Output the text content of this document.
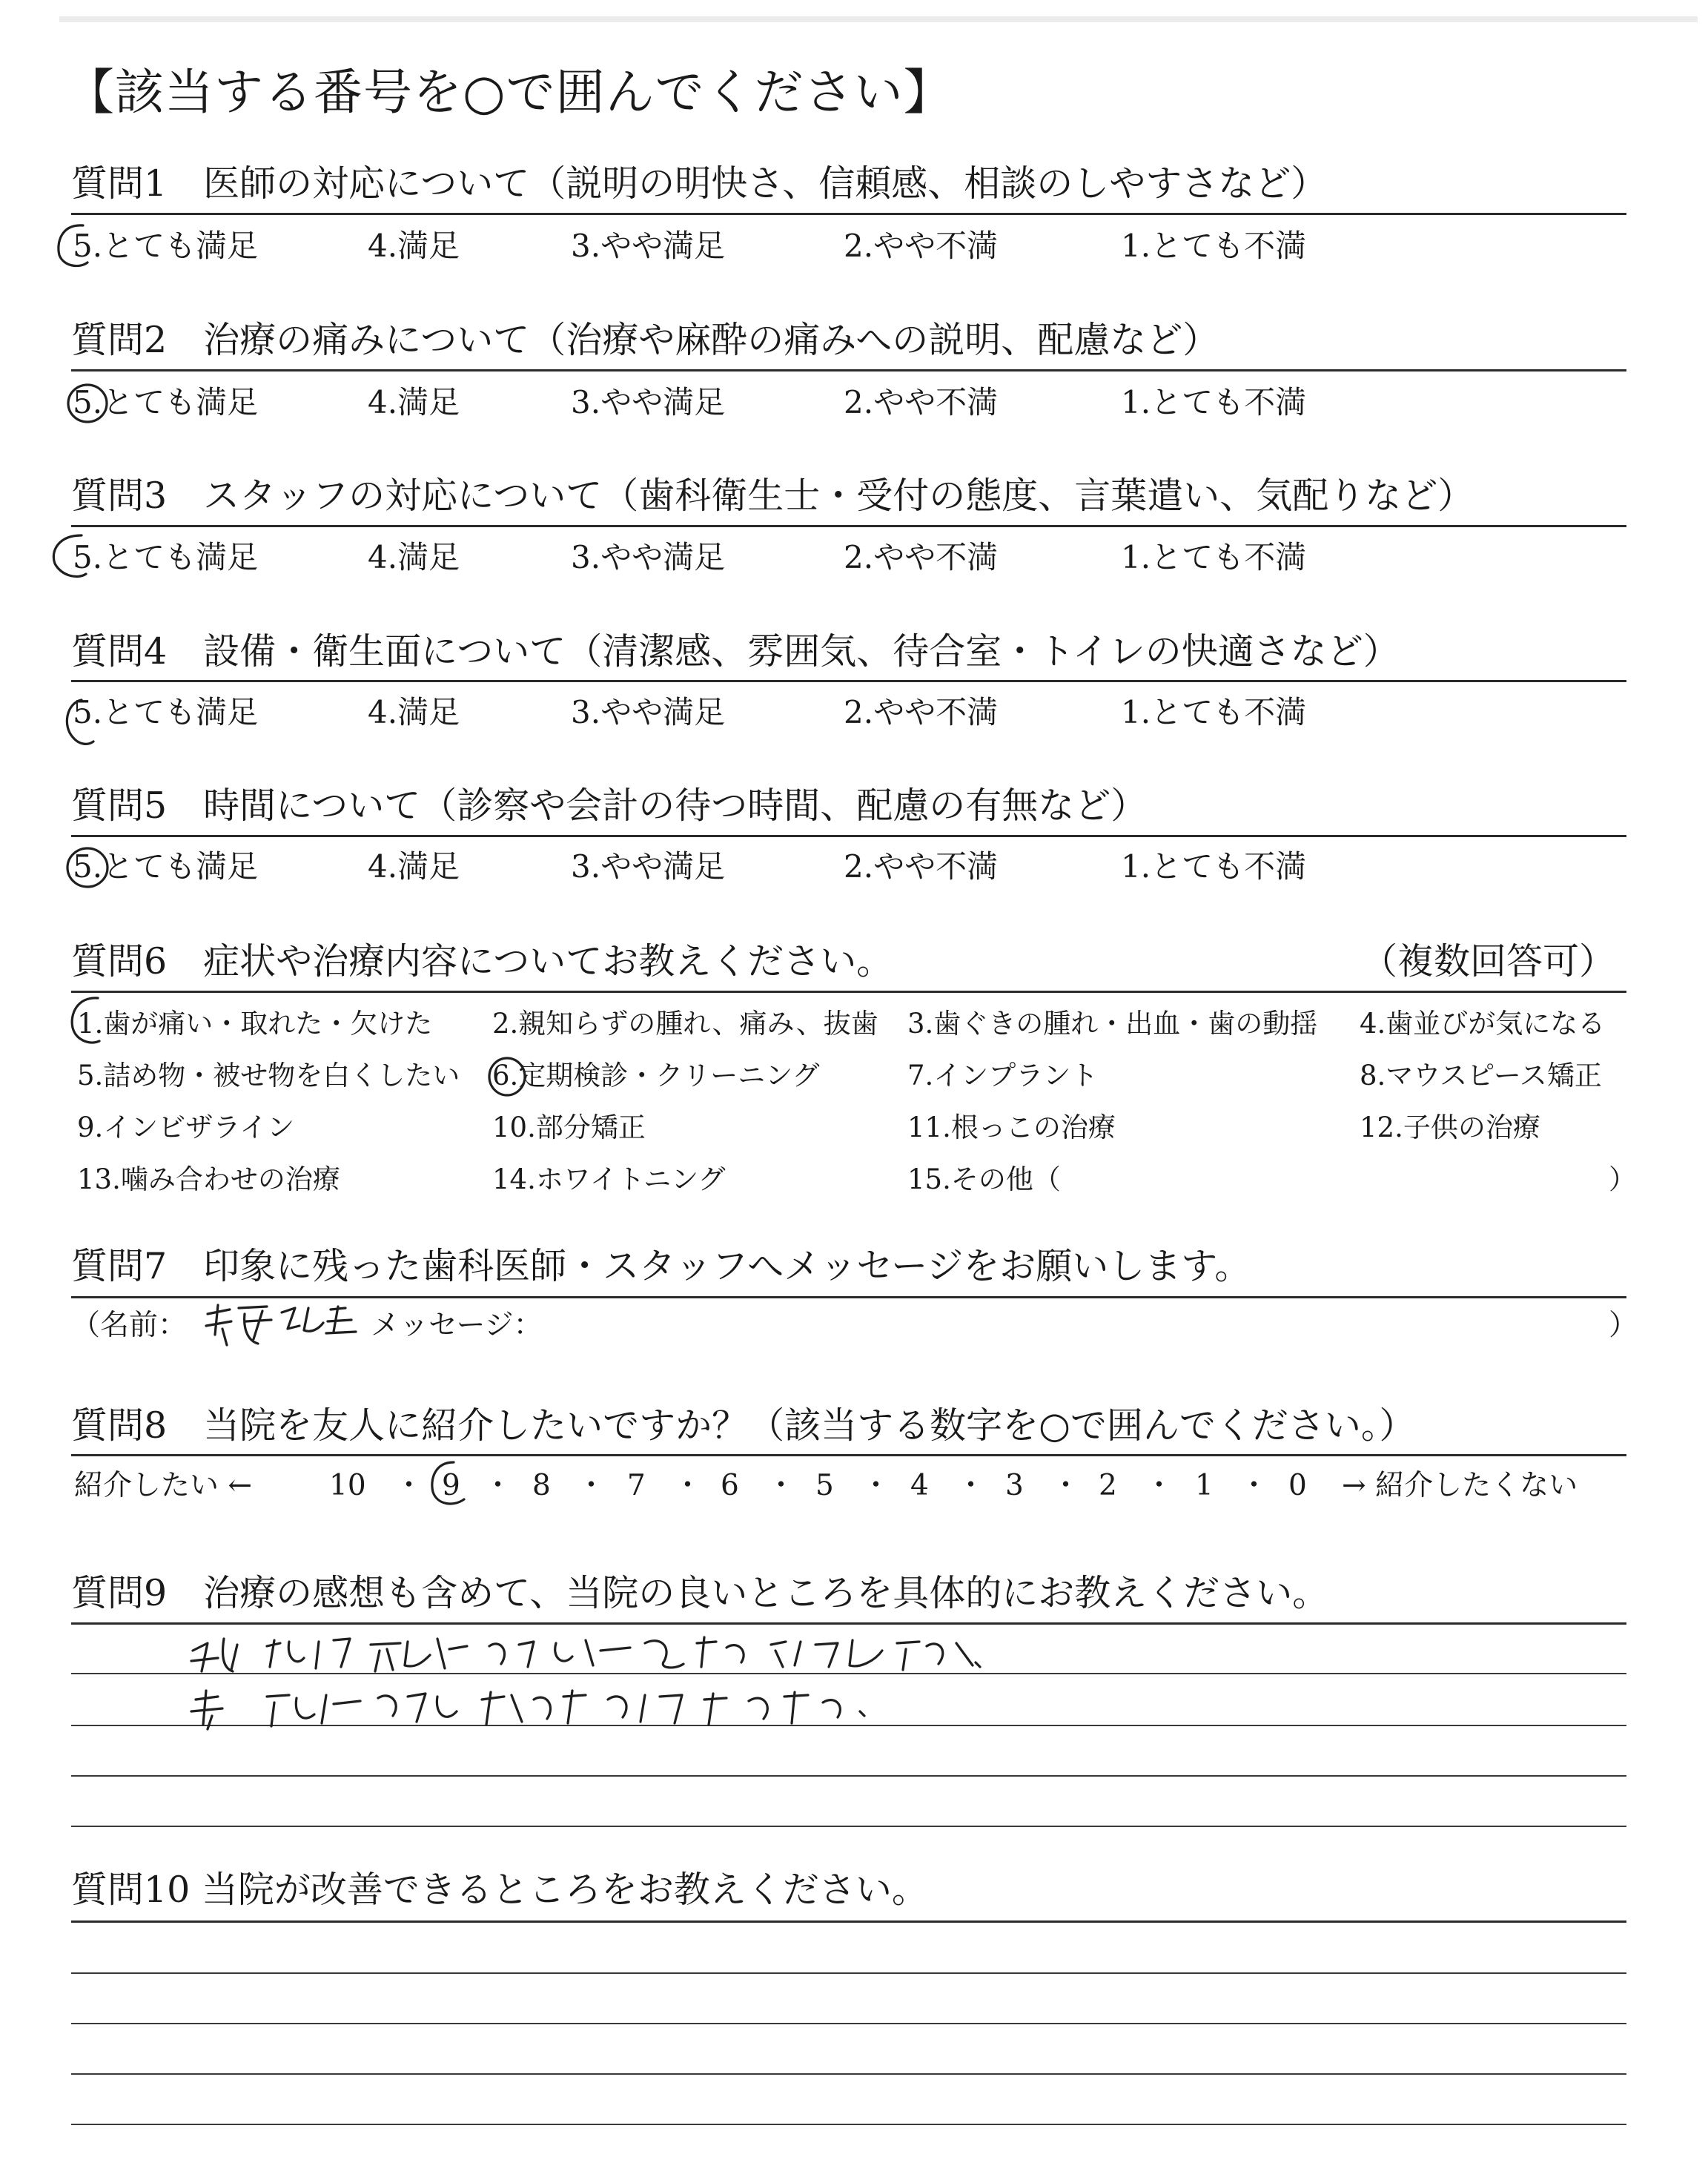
【該当する番号を○で囲んでください】
質問1　医師の対応について（説明の明快さ、信頼感、相談のしやすさなど）
5.とても満足	4.満足	3.やや満足	2.やや不満	1.とても不満
質問2　治療の痛みについて（治療や麻酔の痛みへの説明、配慮など）
5.とても満足	4.満足	3.やや満足	2.やや不満	1.とても不満
質問3　スタッフの対応について（歯科衛生士・受付の態度、言葉遣い、気配りなど）
5.とても満足	4.満足	3.やや満足	2.やや不満	1.とても不満
質問4　設備・衛生面について（清潔感、雰囲気、待合室・トイレの快適さなど）
5.とても満足	4.満足	3.やや満足	2.やや不満	1.とても不満
質問5　時間について（診察や会計の待つ時間、配慮の有無など）
5.とても満足	4.満足	3.やや満足	2.やや不満	1.とても不満
質問6　症状や治療内容についてお教えください。	（複数回答可）
1.歯が痛い・取れた・欠けた 2.親知らずの腫れ、痛み、抜歯 3.歯ぐきの腫れ・出血・歯の動揺 4.歯並びが気になる
5.詰め物・被せ物を白くしたい 6.定期検診・クリーニング	7.インプラント	8.マウスピース矯正
9.インビザライン	10.部分矯正	11.根っこの治療	12.子供の治療
13.噛み合わせの治療	14.ホワイトニング	15.その他（	）
質問7　印象に残った歯科医師・スタッフへメッセージをお願いします。
（名前：	メッセージ：	）
質問8　当院を友人に紹介したいですか？（該当する数字を○で囲んでください。）
紹介したい ←	→ 紹介したくない
10 ・ 9 ・ 8 ・ 7 ・ 6 ・ 5 ・ 4 ・ 3 ・ 2 ・ 1 ・ 0
質問9　治療の感想も含めて、当院の良いところを具体的にお教えください。
質問10 当院が改善できるところをお教えください。
